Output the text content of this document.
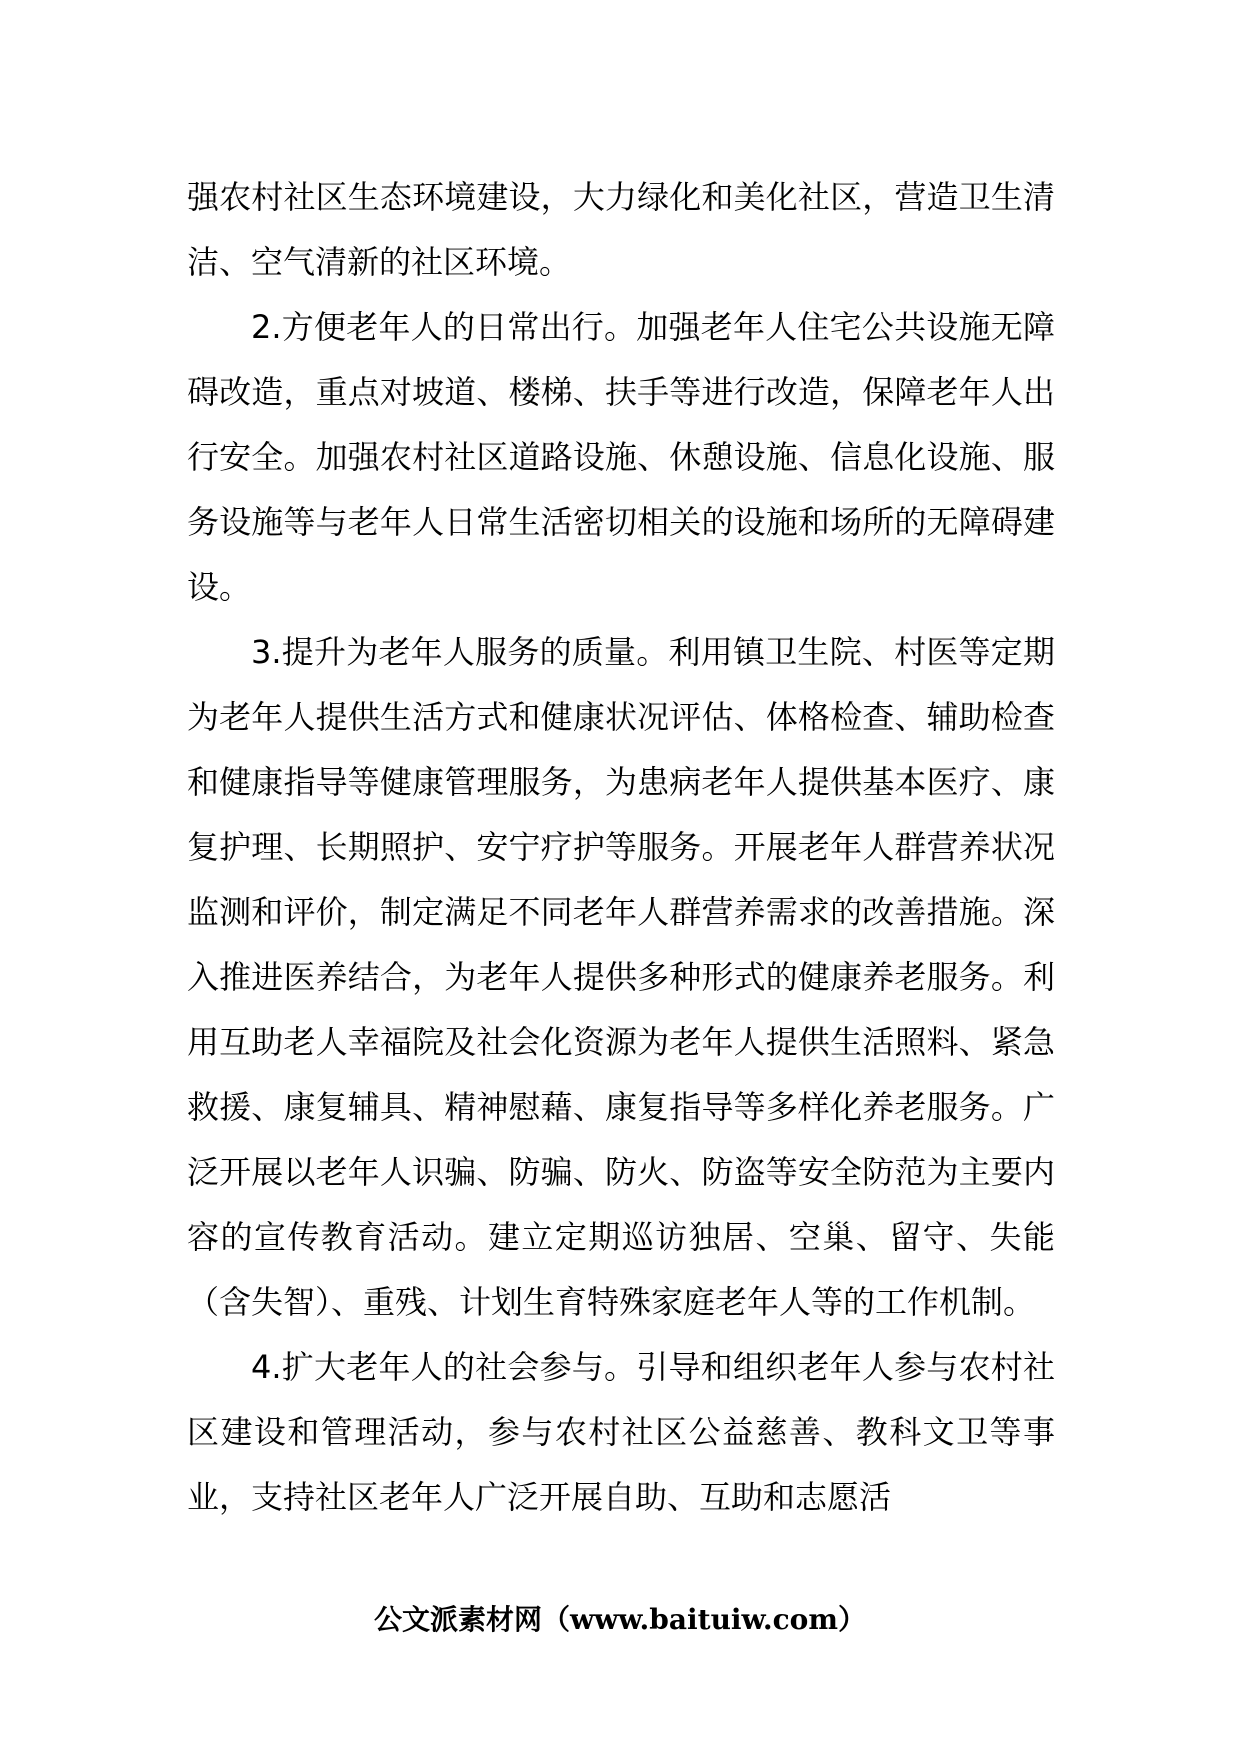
强农村社区生态环境建设，大力绿化和美化社区，营造卫生清洁、空气清新的社区环境。

2.方便老年人的日常出行。加强老年人住宅公共设施无障碍改造，重点对坡道、楼梯、扶手等进行改造，保障老年人出行安全。加强农村社区道路设施、休憩设施、信息化设施、服务设施等与老年人日常生活密切相关的设施和场所的无障碍建设。

3.提升为老年人服务的质量。利用镇卫生院、村医等定期为老年人提供生活方式和健康状况评估、体格检查、辅助检查和健康指导等健康管理服务，为患病老年人提供基本医疗、康复护理、长期照护、安宁疗护等服务。开展老年人群营养状况监测和评价，制定满足不同老年人群营养需求的改善措施。深入推进医养结合，为老年人提供多种形式的健康养老服务。利用互助老人幸福院及社会化资源为老年人提供生活照料、紧急救援、康复辅具、精神慰藉、康复指导等多样化养老服务。广泛开展以老年人识骗、防骗、防火、防盗等安全防范为主要内容的宣传教育活动。建立定期巡访独居、空巢、留守、失能（含失智）、重残、计划生育特殊家庭老年人等的工作机制。

4.扩大老年人的社会参与。引导和组织老年人参与农村社区建设和管理活动，参与农村社区公益慈善、教科文卫等事业，支持社区老年人广泛开展自助、互助和志愿活

公文派素材网（www.baituiw.com）
